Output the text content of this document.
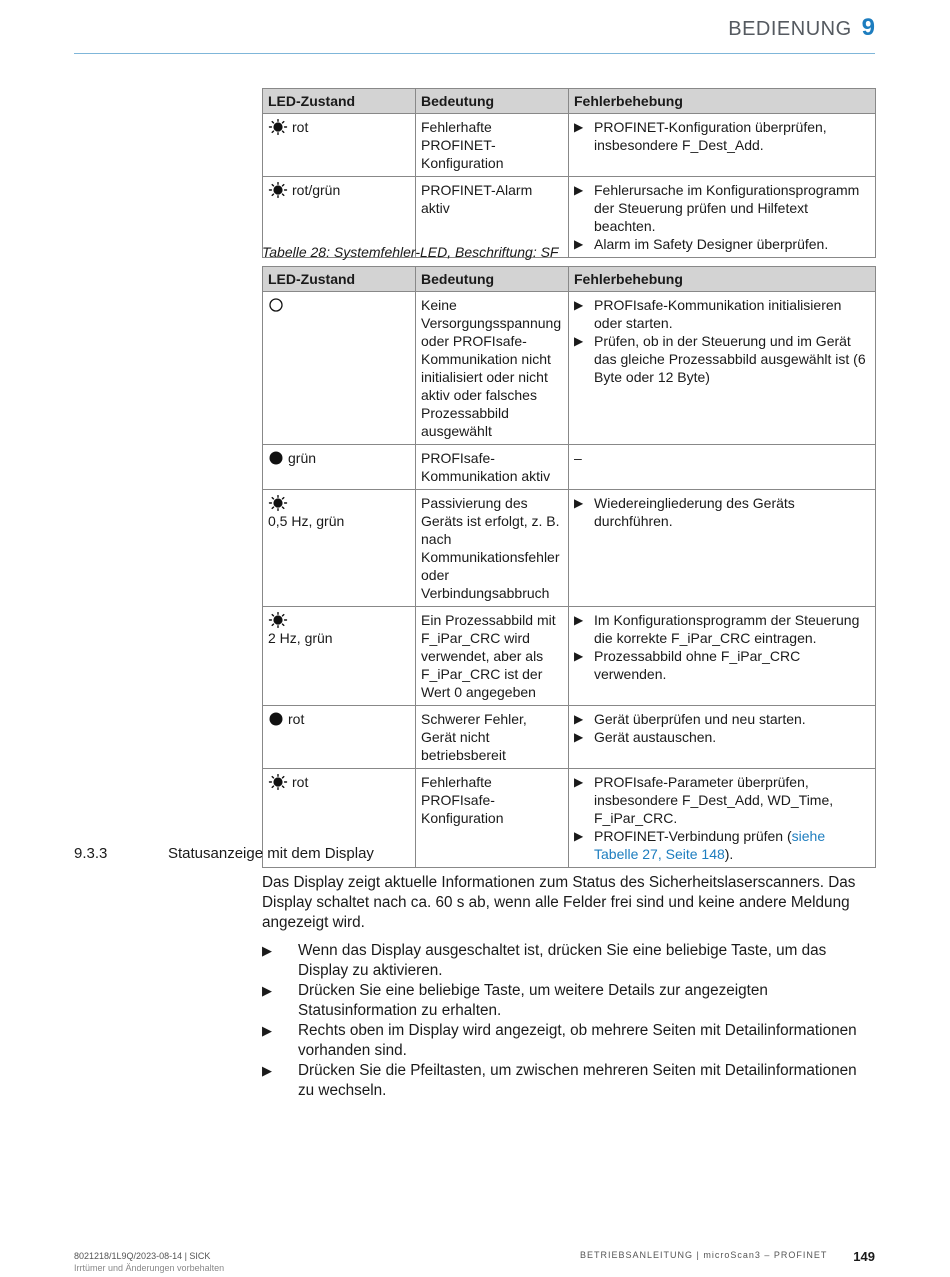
BEDIENUNG 9
LED-Zustand	Bedeutung	Fehlerbehebung
rot	Fehlerhafte PROFINET-Konfiguration	▶ PROFINET-Konfiguration überprüfen, insbesondere F_Dest_Add.

rot/grün	PROFINET-Alarm aktiv	▶ Fehlerursache im Konfigurationsprogramm der Steuerung prüfen und Hilfetext beachten.
▶ Alarm im Safety Designer überprüfen.
Tabelle 28: Systemfehler-LED, Beschriftung: SF
LED-Zustand	Bedeutung	Fehlerbehebung
	Keine Versorgungsspannung oder PROFIsafe-Kommunikation nicht initialisiert oder nicht aktiv oder falsches Prozessabbild ausgewählt	▶ PROFIsafe-Kommunikation initialisieren oder starten.
▶ Prüfen, ob in der Steuerung und im Gerät das gleiche Prozessabbild ausgewählt ist (6 Byte oder 12 Byte)

grün	PROFIsafe-Kommunikation aktiv	–

0,5 Hz, grün	Passivierung des Geräts ist erfolgt, z. B. nach Kommunikationsfehler oder Verbindungsabbruch	▶ Wiedereingliederung des Geräts durchführen.

2 Hz, grün	Ein Prozessabbild mit F_iPar_CRC wird verwendet, aber als F_iPar_CRC ist der Wert 0 angegeben	▶ Im Konfigurationsprogramm der Steuerung die korrekte F_iPar_CRC eintragen.
▶ Prozessabbild ohne F_iPar_CRC verwenden.

rot	Schwerer Fehler, Gerät nicht betriebsbereit	▶ Gerät überprüfen und neu starten.
▶ Gerät austauschen.

rot	Fehlerhafte PROFIsafe-Konfiguration	▶ PROFIsafe-Parameter überprüfen, insbesondere F_Dest_Add, WD_Time, F_iPar_CRC.
▶ PROFINET-Verbindung prüfen (siehe Tabelle 27, Seite 148).
9.3.3	Statusanzeige mit dem Display
Das Display zeigt aktuelle Informationen zum Status des Sicherheitslaserscanners. Das Display schaltet nach ca. 60 s ab, wenn alle Felder frei sind und keine andere Meldung angezeigt wird.
▶	Wenn das Display ausgeschaltet ist, drücken Sie eine beliebige Taste, um das Display zu aktivieren.
▶	Drücken Sie eine beliebige Taste, um weitere Details zur angezeigten Statusinformation zu erhalten.
▶	Rechts oben im Display wird angezeigt, ob mehrere Seiten mit Detailinformationen vorhanden sind.
▶	Drücken Sie die Pfeiltasten, um zwischen mehreren Seiten mit Detailinformationen zu wechseln.
8021218/1L9Q/2023-08-14 | SICK
Irrtümer und Änderungen vorbehalten
BETRIEBSANLEITUNG | microScan3 – PROFINET 149
